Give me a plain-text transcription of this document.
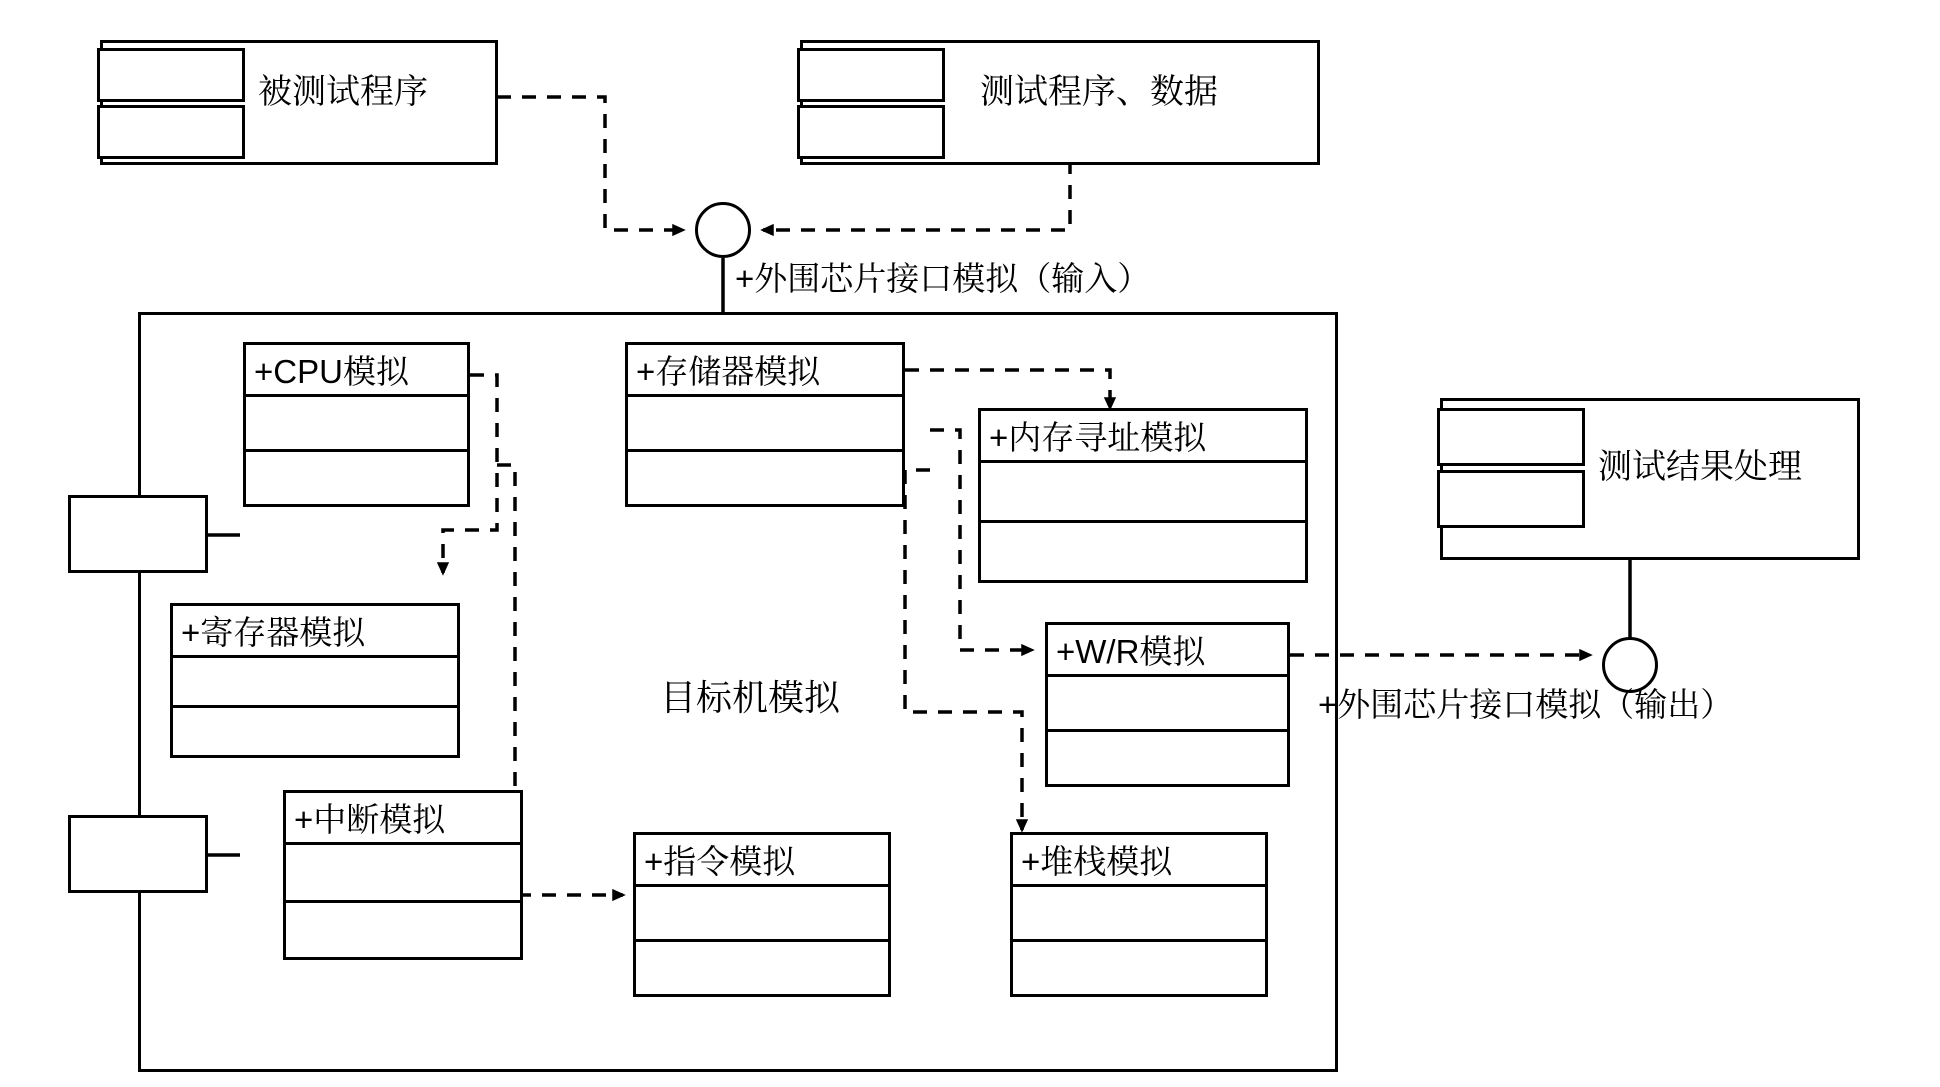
被测试程序	测试程序、数据
+外围芯片接口模拟（输入）
目标机模拟
+CPU模拟
+寄存器模拟
+中断模拟
+存储器模拟
+内存寻址模拟
+W/R模拟
+指令模拟	+堆栈模拟
测试结果处理
+外围芯片接口模拟（输出）
